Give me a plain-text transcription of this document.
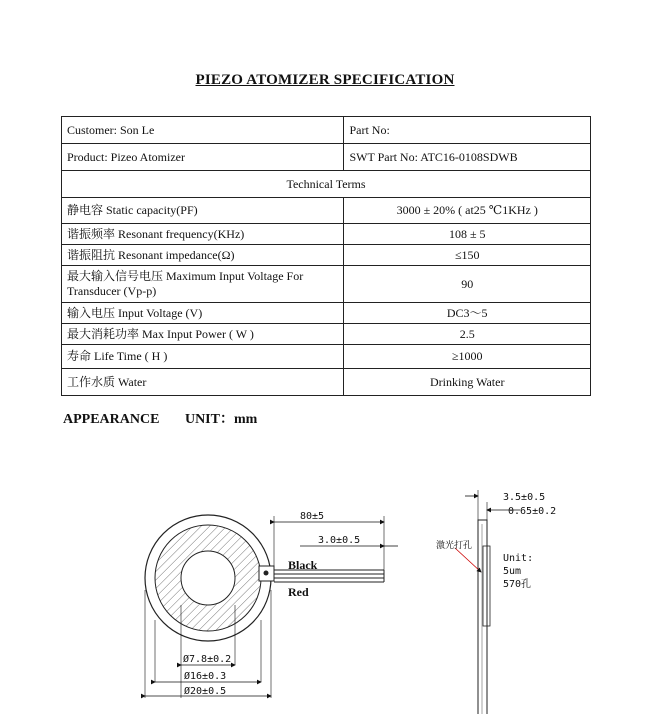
PIEZO ATOMIZER SPECIFICATION
Customer: Son Le	Part No:
Product: Pizeo Atomizer	SWT Part No: ATC16-0108SDWB
Technical Terms	
静电容 Static capacity(PF)	3000 ± 20% ( at25 ℃1KHz )
谐振频率 Resonant frequency(KHz)	108 ± 5
谐振阻抗 Resonant impedance(Ω)	≤150
最大输入信号电压 Maximum Input Voltage For Transducer (Vp-p)	90
输入电压 Input Voltage (V)	DC3～5
最大消耗功率 Max Input Power ( W )	2.5
寿命 Life Time ( H )	≥1000
工作水质 Water	Drinking Water
APPEARANCE UNIT：mm
Black
Red
80±5
3.0±0.5
Ø7.8±0.2
Ø16±0.3
Ø20±0.5
3.5±0.5
0.65±0.2
激光打孔
Unit:
5um
570孔
